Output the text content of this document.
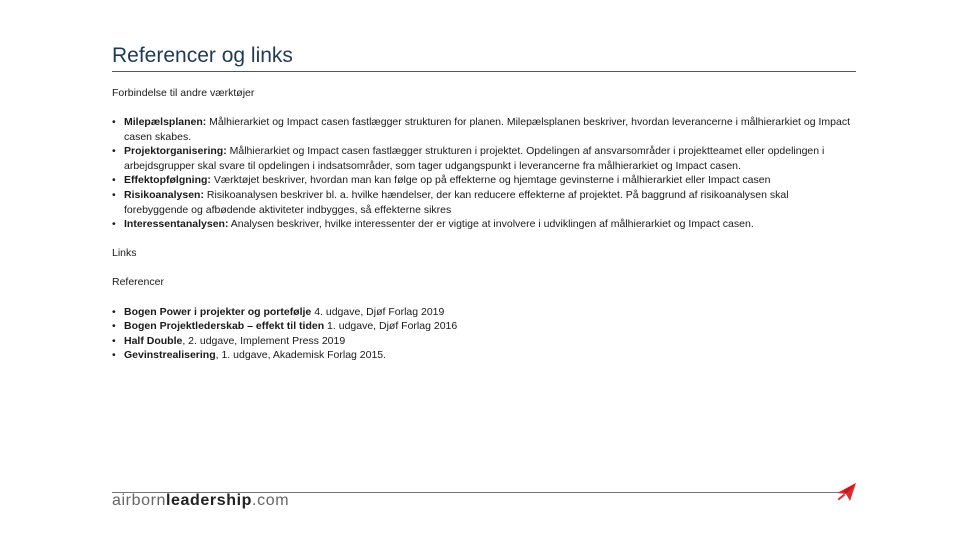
Referencer og links

Forbindelse til andre værktøjer

• Milepælsplanen: Målhierarkiet og Impact casen fastlægger strukturen for planen. Milepælsplanen beskriver, hvordan leverancerne i målhierarkiet og Impact casen skabes.
• Projektorganisering: Målhierarkiet og Impact casen fastlægger strukturen i projektet. Opdelingen af ansvarsområder i projektteamet eller opdelingen i arbejdsgrupper skal svare til opdelingen i indsatsområder, som tager udgangspunkt i leverancerne fra målhierarkiet og Impact casen.
• Effektopfølgning: Værktøjet beskriver, hvordan man kan følge op på effekterne og hjemtage gevinsterne i målhierarkiet eller Impact casen
• Risikoanalysen: Risikoanalysen beskriver bl. a. hvilke hændelser, der kan reducere effekterne af projektet. På baggrund af risikoanalysen skal forebyggende og afbødende aktiviteter indbygges, så effekterne sikres
• Interessentanalysen: Analysen beskriver, hvilke interessenter der er vigtige at involvere i udviklingen af målhierarkiet og Impact casen.

Links

Referencer

• Bogen Power i projekter og portefølje 4. udgave, Djøf Forlag 2019
• Bogen Projektlederskab – effekt til tiden 1. udgave, Djøf Forlag 2016
• Half Double, 2. udgave, Implement Press 2019
• Gevinstrealisering, 1. udgave, Akademisk Forlag 2015.
airbornleadership.com
